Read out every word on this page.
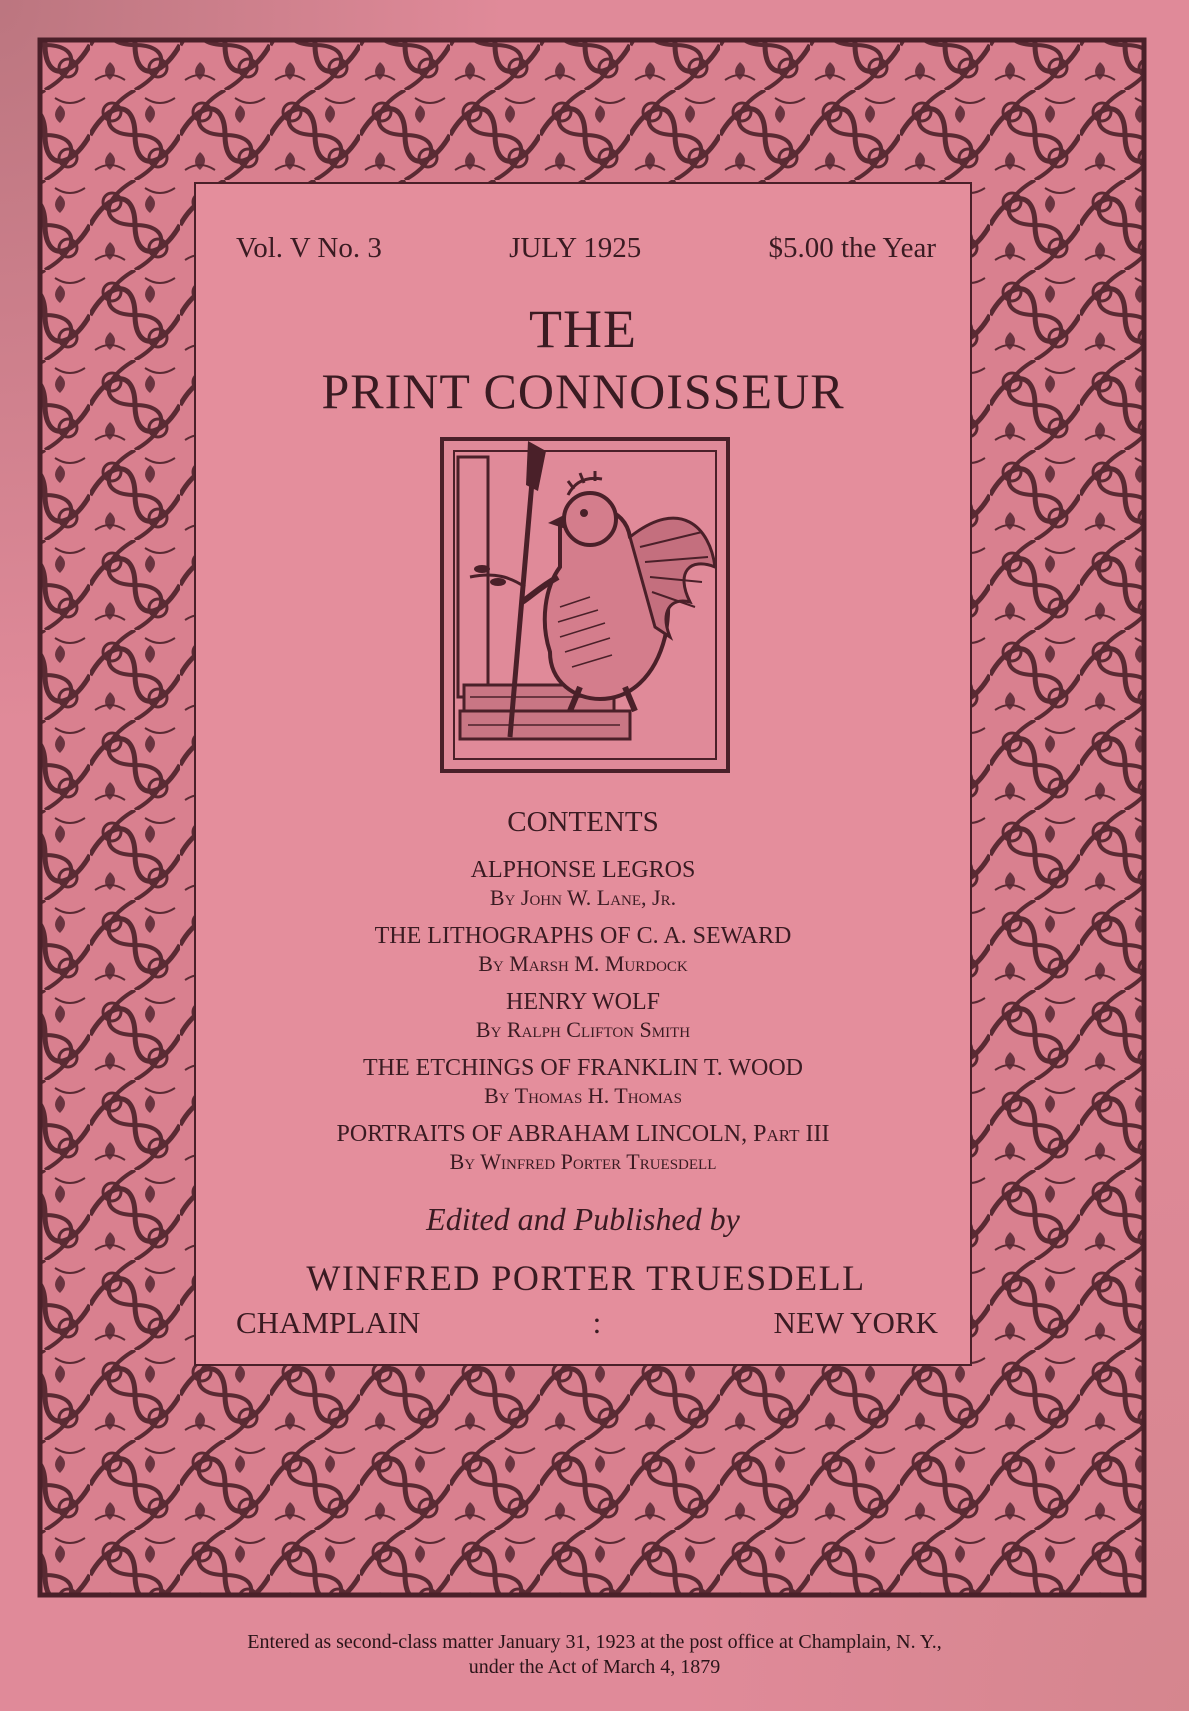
Vol. V No. 3	JULY 1925	$5.00 the Year
THE
PRINT CONNOISSEUR
CONTENTS
ALPHONSE LEGROS
By John W. Lane, Jr.
THE LITHOGRAPHS OF C. A. SEWARD
By Marsh M. Murdock
HENRY WOLF
By Ralph Clifton Smith
THE ETCHINGS OF FRANKLIN T. WOOD
By Thomas H. Thomas
PORTRAITS OF ABRAHAM LINCOLN, Part III
By Winfred Porter Truesdell
Edited and Published by
WINFRED PORTER TRUESDELL
CHAMPLAIN	:	NEW YORK
Entered as second-class matter January 31, 1923 at the post office at Champlain, N. Y.,
under the Act of March 4, 1879
